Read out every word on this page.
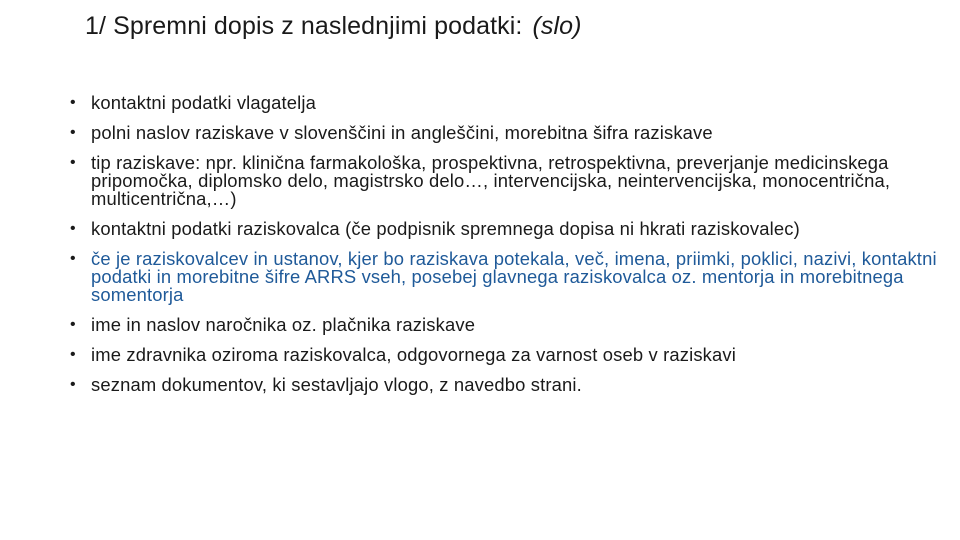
1/ Spremni dopis z naslednjimi podatki: (slo)
• kontaktni podatki vlagatelja
• polni naslov raziskave v slovenščini in angleščini, morebitna šifra raziskave
• tip raziskave: npr. klinična farmakološka, prospektivna, retrospektivna, preverjanje medicinskega pripomočka, diplomsko delo, magistrsko delo…, intervencijska, neintervencijska, monocentrična, multicentrična,…)
• kontaktni podatki raziskovalca (če podpisnik spremnega dopisa ni hkrati raziskovalec)
• če je raziskovalcev in ustanov, kjer bo raziskava potekala, več, imena, priimki, poklici, nazivi, kontaktni podatki in morebitne šifre ARRS vseh, posebej glavnega raziskovalca oz. mentorja in morebitnega somentorja
• ime in naslov naročnika oz. plačnika raziskave
• ime zdravnika oziroma raziskovalca, odgovornega za varnost oseb v raziskavi
• seznam dokumentov, ki sestavljajo vlogo, z navedbo strani.
